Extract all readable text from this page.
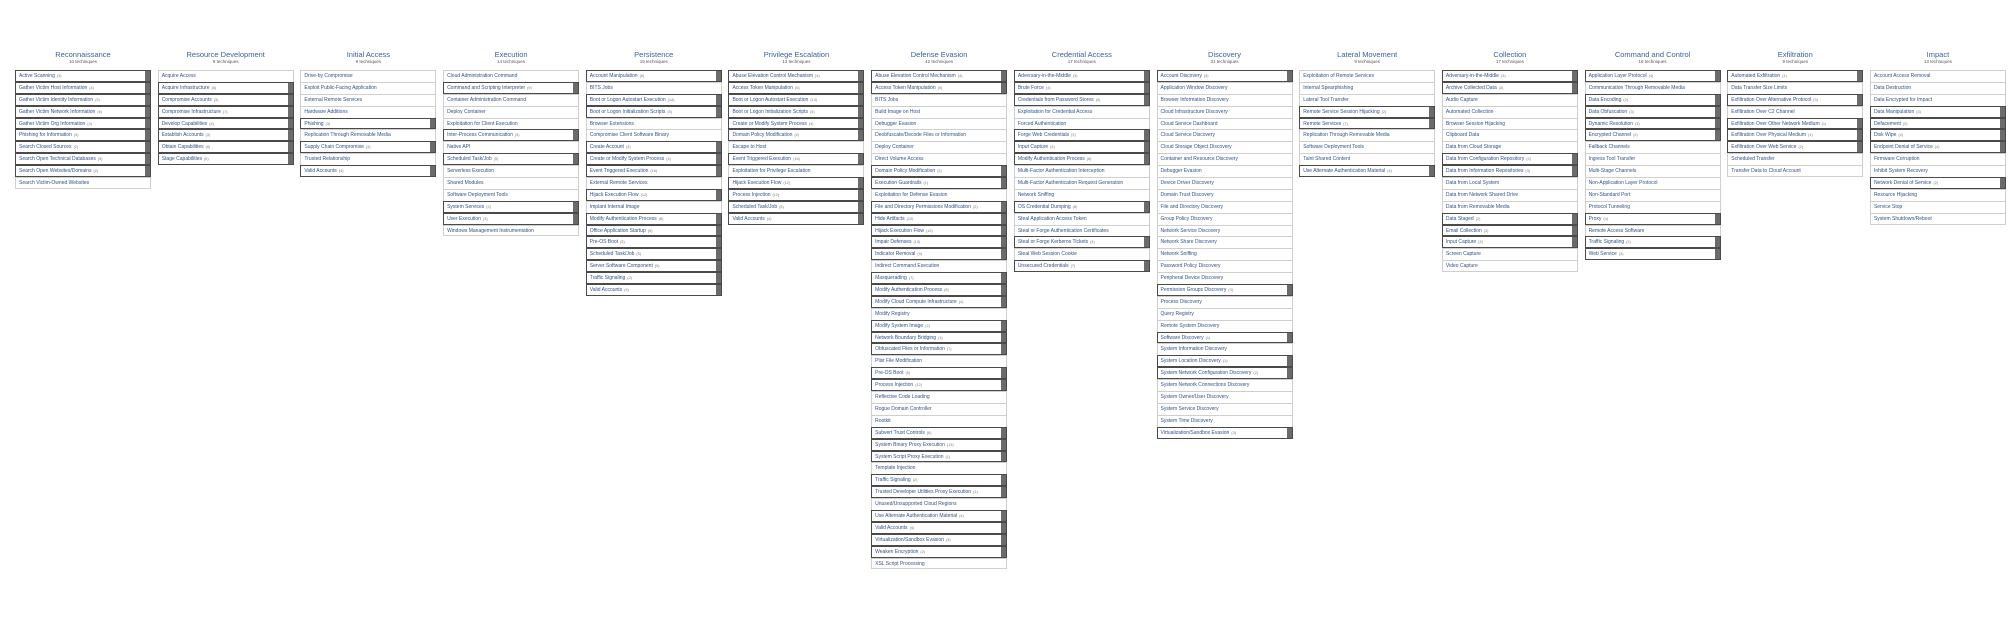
Reconnaissance
10 techniques
Active Scanning (3)
Gather Victim Host Information (4)
Gather Victim Identity Information (3)
Gather Victim Network Information (6)
Gather Victim Org Information (4)
Phishing for Information (3)
Search Closed Sources (2)
Search Open Technical Databases (5)
Search Open Websites/Domains (2)
Search Victim-Owned Websites
Resource Development
8 techniques
Acquire Access
Acquire Infrastructure (8)
Compromise Accounts (3)
Compromise Infrastructure (7)
Develop Capabilities (4)
Establish Accounts (3)
Obtain Capabilities (6)
Stage Capabilities (6)
Initial Access
9 techniques
Drive-by Compromise
Exploit Public-Facing Application
External Remote Services
Hardware Additions
Phishing (3)
Replication Through Removable Media
Supply Chain Compromise (3)
Trusted Relationship
Valid Accounts (4)
Execution
14 techniques
Cloud Administration Command
Command and Scripting Interpreter (9)
Container Administration Command
Deploy Container
Exploitation for Client Execution
Inter-Process Communication (3)
Native API
Scheduled Task/Job (5)
Serverless Execution
Shared Modules
Software Deployment Tools
System Services (2)
User Execution (3)
Windows Management Instrumentation
Persistence
19 techniques
Account Manipulation (6)
BITS Jobs
Boot or Logon Autostart Execution (14)
Boot or Logon Initialization Scripts (5)
Browser Extensions
Compromise Client Software Binary
Create Account (3)
Create or Modify System Process (4)
Event Triggered Execution (16)
External Remote Services
Hijack Execution Flow (12)
Implant Internal Image
Modify Authentication Process (8)
Office Application Startup (6)
Pre-OS Boot (5)
Scheduled Task/Job (5)
Server Software Component (5)
Traffic Signaling (2)
Valid Accounts (4)
Privilege Escalation
13 techniques
Abuse Elevation Control Mechanism (4)
Access Token Manipulation (5)
Boot or Logon Autostart Execution (14)
Boot or Logon Initialization Scripts (5)
Create or Modify System Process (4)
Domain Policy Modification (2)
Escape to Host
Event Triggered Execution (16)
Exploitation for Privilege Escalation
Hijack Execution Flow (12)
Process Injection (12)
Scheduled Task/Job (5)
Valid Accounts (4)
Defense Evasion
42 techniques
Abuse Elevation Control Mechanism (4)
Access Token Manipulation (5)
BITS Jobs
Build Image on Host
Debugger Evasion
Deobfuscate/Decode Files or Information
Deploy Container
Direct Volume Access
Domain Policy Modification (2)
Execution Guardrails (1)
Exploitation for Defense Evasion
File and Directory Permissions Modification (2)
Hide Artifacts (10)
Hijack Execution Flow (12)
Impair Defenses (10)
Indicator Removal (9)
Indirect Command Execution
Masquerading (7)
Modify Authentication Process (8)
Modify Cloud Compute Infrastructure (4)
Modify Registry
Modify System Image (2)
Network Boundary Bridging (1)
Obfuscated Files or Information (7)
Plist File Modification
Pre-OS Boot (5)
Process Injection (12)
Reflective Code Loading
Rogue Domain Controller
Rootkit
Subvert Trust Controls (6)
System Binary Proxy Execution (13)
System Script Proxy Execution (1)
Template Injection
Traffic Signaling (2)
Trusted Developer Utilities Proxy Execution (1)
Unused/Unsupported Cloud Regions
Use Alternate Authentication Material (4)
Valid Accounts (4)
Virtualization/Sandbox Evasion (3)
Weaken Encryption (2)
XSL Script Processing
Credential Access
17 techniques
Adversary-in-the-Middle (3)
Brute Force (4)
Credentials from Password Stores (5)
Exploitation for Credential Access
Forced Authentication
Forge Web Credentials (2)
Input Capture (4)
Modify Authentication Process (8)
Multi-Factor Authentication Interception
Multi-Factor Authentication Request Generation
Network Sniffing
OS Credential Dumping (8)
Steal Application Access Token
Steal or Forge Authentication Certificates
Steal or Forge Kerberos Tickets (4)
Steal Web Session Cookie
Unsecured Credentials (7)
Discovery
31 techniques
Account Discovery (4)
Application Window Discovery
Browser Information Discovery
Cloud Infrastructure Discovery
Cloud Service Dashboard
Cloud Service Discovery
Cloud Storage Object Discovery
Container and Resource Discovery
Debugger Evasion
Device Driver Discovery
Domain Trust Discovery
File and Directory Discovery
Group Policy Discovery
Network Service Discovery
Network Share Discovery
Network Sniffing
Password Policy Discovery
Peripheral Device Discovery
Permission Groups Discovery (3)
Process Discovery
Query Registry
Remote System Discovery
Software Discovery (1)
System Information Discovery
System Location Discovery (1)
System Network Configuration Discovery (2)
System Network Connections Discovery
System Owner/User Discovery
System Service Discovery
System Time Discovery
Virtualization/Sandbox Evasion (3)
Lateral Movement
9 techniques
Exploitation of Remote Services
Internal Spearphishing
Lateral Tool Transfer
Remote Service Session Hijacking (2)
Remote Services (7)
Replication Through Removable Media
Software Deployment Tools
Taint Shared Content
Use Alternate Authentication Material (4)
Collection
17 techniques
Adversary-in-the-Middle (3)
Archive Collected Data (3)
Audio Capture
Automated Collection
Browser Session Hijacking
Clipboard Data
Data from Cloud Storage
Data from Configuration Repository (2)
Data from Information Repositories (3)
Data from Local System
Data from Network Shared Drive
Data from Removable Media
Data Staged (2)
Email Collection (3)
Input Capture (4)
Screen Capture
Video Capture
Command and Control
16 techniques
Application Layer Protocol (4)
Communication Through Removable Media
Data Encoding (2)
Data Obfuscation (3)
Dynamic Resolution (3)
Encrypted Channel (2)
Fallback Channels
Ingress Tool Transfer
Multi-Stage Channels
Non-Application Layer Protocol
Non-Standard Port
Protocol Tunneling
Proxy (4)
Remote Access Software
Traffic Signaling (2)
Web Service (3)
Exfiltration
9 techniques
Automated Exfiltration (1)
Data Transfer Size Limits
Exfiltration Over Alternative Protocol (3)
Exfiltration Over C2 Channel
Exfiltration Over Other Network Medium (1)
Exfiltration Over Physical Medium (1)
Exfiltration Over Web Service (2)
Scheduled Transfer
Transfer Data to Cloud Account
Impact
13 techniques
Account Access Removal
Data Destruction
Data Encrypted for Impact
Data Manipulation (3)
Defacement (2)
Disk Wipe (2)
Endpoint Denial of Service (4)
Firmware Corruption
Inhibit System Recovery
Network Denial of Service (2)
Resource Hijacking
Service Stop
System Shutdown/Reboot
